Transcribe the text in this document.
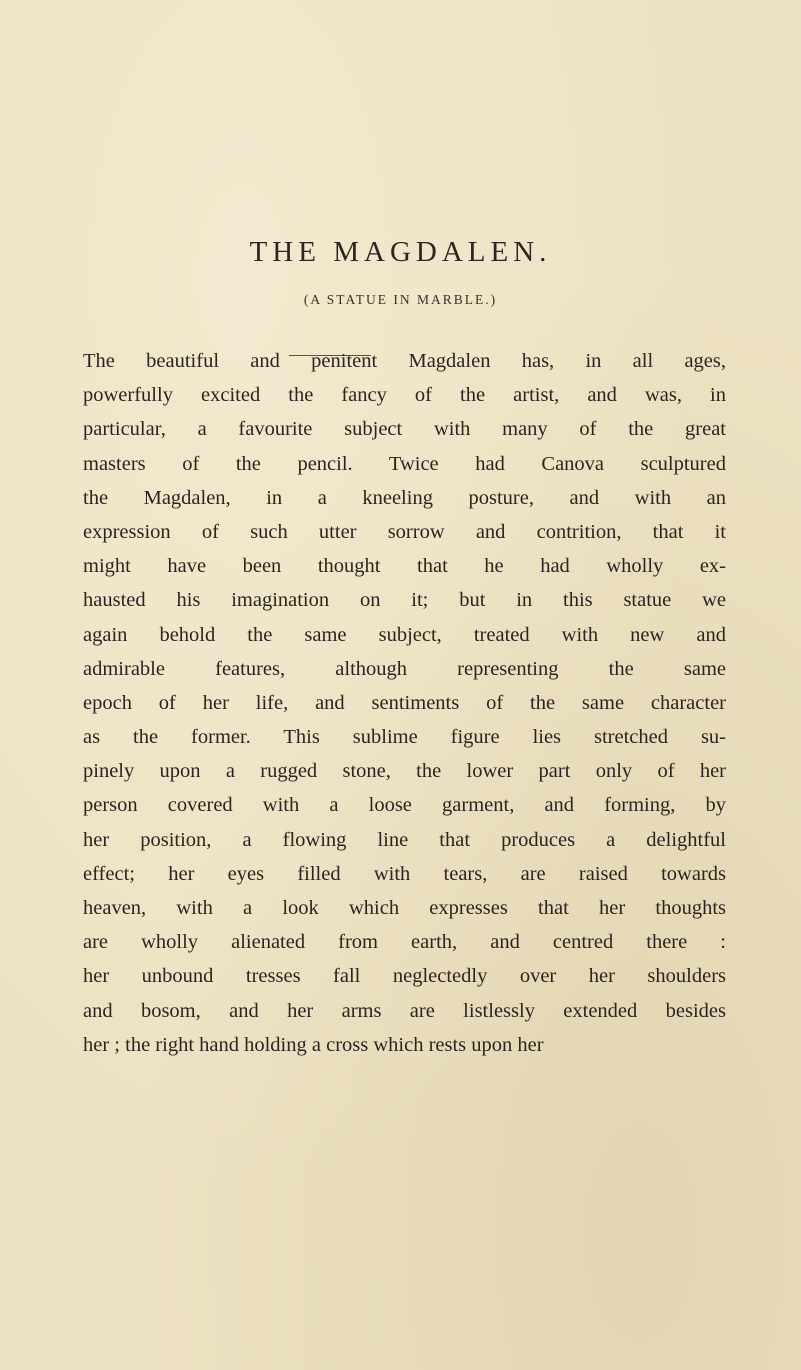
THE MAGDALEN.
(A STATUE IN MARBLE.)
The beautiful and penitent Magdalen has, in all ages,
powerfully excited the fancy of the artist, and was, in
particular, a favourite subject with many of the great
masters of the pencil. Twice had Canova sculptured
the Magdalen, in a kneeling posture, and with an
expression of such utter sorrow and contrition, that it
might have been thought that he had wholly ex-
hausted his imagination on it; but in this statue we
again behold the same subject, treated with new and
admirable features, although representing the same
epoch of her life, and sentiments of the same character
as the former. This sublime figure lies stretched su-
pinely upon a rugged stone, the lower part only of her
person covered with a loose garment, and forming, by
her position, a flowing line that produces a delightful
effect; her eyes filled with tears, are raised towards
heaven, with a look which expresses that her thoughts
are wholly alienated from earth, and centred there :
her unbound tresses fall neglectedly over her shoulders
and bosom, and her arms are listlessly extended besides
her ; the right hand holding a cross which rests upon her
